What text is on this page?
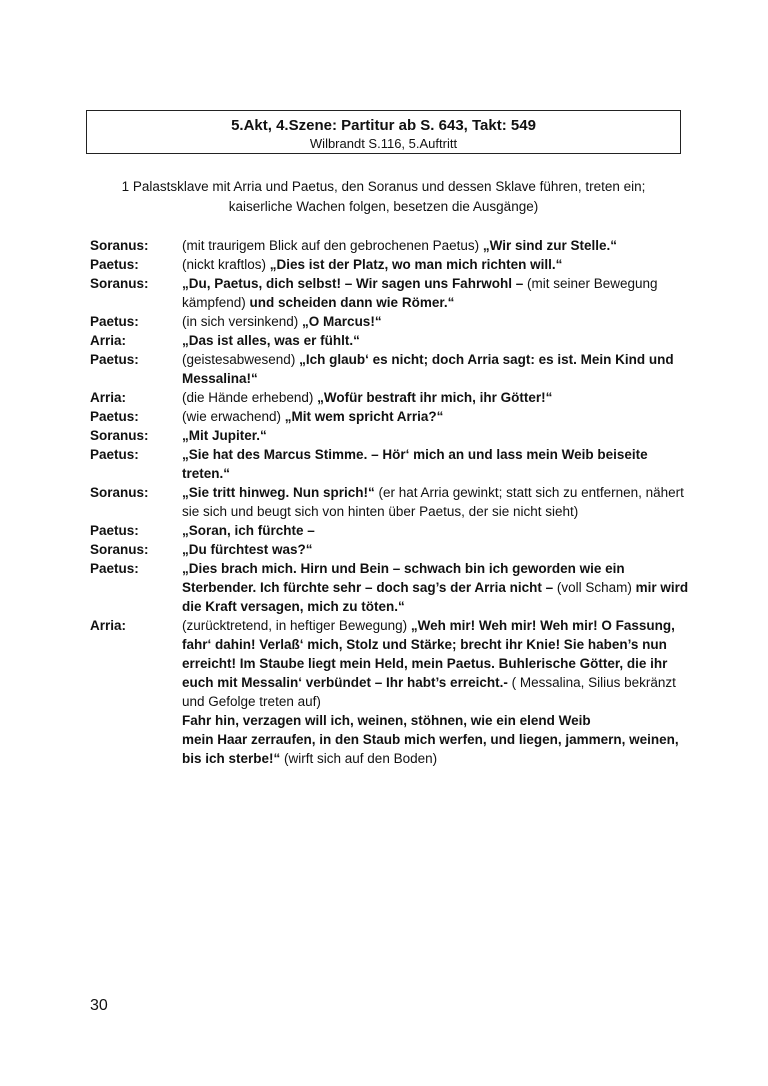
5.Akt, 4.Szene: Partitur ab S. 643, Takt: 549
Wilbrandt S.116, 5.Auftritt
1 Palastsklave mit Arria und Paetus, den Soranus und dessen Sklave führen, treten ein;
kaiserliche Wachen folgen, besetzen die Ausgänge)
Soranus:	(mit traurigem Blick auf den gebrochenen Paetus) „Wir sind zur Stelle.“
Paetus:	(nickt kraftlos) „Dies ist der Platz, wo man mich richten will.“
Soranus:	„Du, Paetus, dich selbst! – Wir sagen uns Fahrwohl – (mit seiner Bewegung kämpfend) und scheiden dann wie Römer.“
Paetus:	(in sich versinkend) „O Marcus!“
Arria:	„Das ist alles, was er fühlt.“
Paetus:	(geistesabwesend) „Ich glaub‘ es nicht; doch Arria sagt: es ist. Mein Kind und Messalina!“
Arria:	(die Hände erhebend) „Wofür bestraft ihr mich, ihr Götter!“
Paetus:	(wie erwachend) „Mit wem spricht Arria?“
Soranus:	„Mit Jupiter.“
Paetus:	„Sie hat des Marcus Stimme. – Hör‘ mich an und lass mein Weib beiseite treten.“
Soranus:	„Sie tritt hinweg. Nun sprich!“ (er hat Arria gewinkt; statt sich zu entfernen, nähert sie sich und beugt sich von hinten über Paetus, der sie nicht sieht)
Paetus:	„Soran, ich fürchte –
Soranus:	„Du fürchtest was?“
Paetus:	„Dies brach mich. Hirn und Bein – schwach bin ich geworden wie ein Sterbender. Ich fürchte sehr – doch sag’s der Arria nicht – (voll Scham) mir wird die Kraft versagen, mich zu töten.“
Arria:	(zurücktretend, in heftiger Bewegung) „Weh mir! Weh mir! Weh mir! O Fassung, fahr‘ dahin! Verlaß‘ mich, Stolz und Stärke; brecht ihr Knie! Sie haben’s nun erreicht! Im Staube liegt mein Held, mein Paetus. Buhlerische Götter, die ihr euch mit Messalin‘ verbündet – Ihr habt’s erreicht.- ( Messalina, Silius bekränzt und Gefolge treten auf)
Fahr hin, verzagen will ich, weinen, stöhnen, wie ein elend Weib
mein Haar zerraufen, in den Staub mich werfen, und liegen, jammern, weinen, bis ich sterbe!“ (wirft sich auf den Boden)
30
